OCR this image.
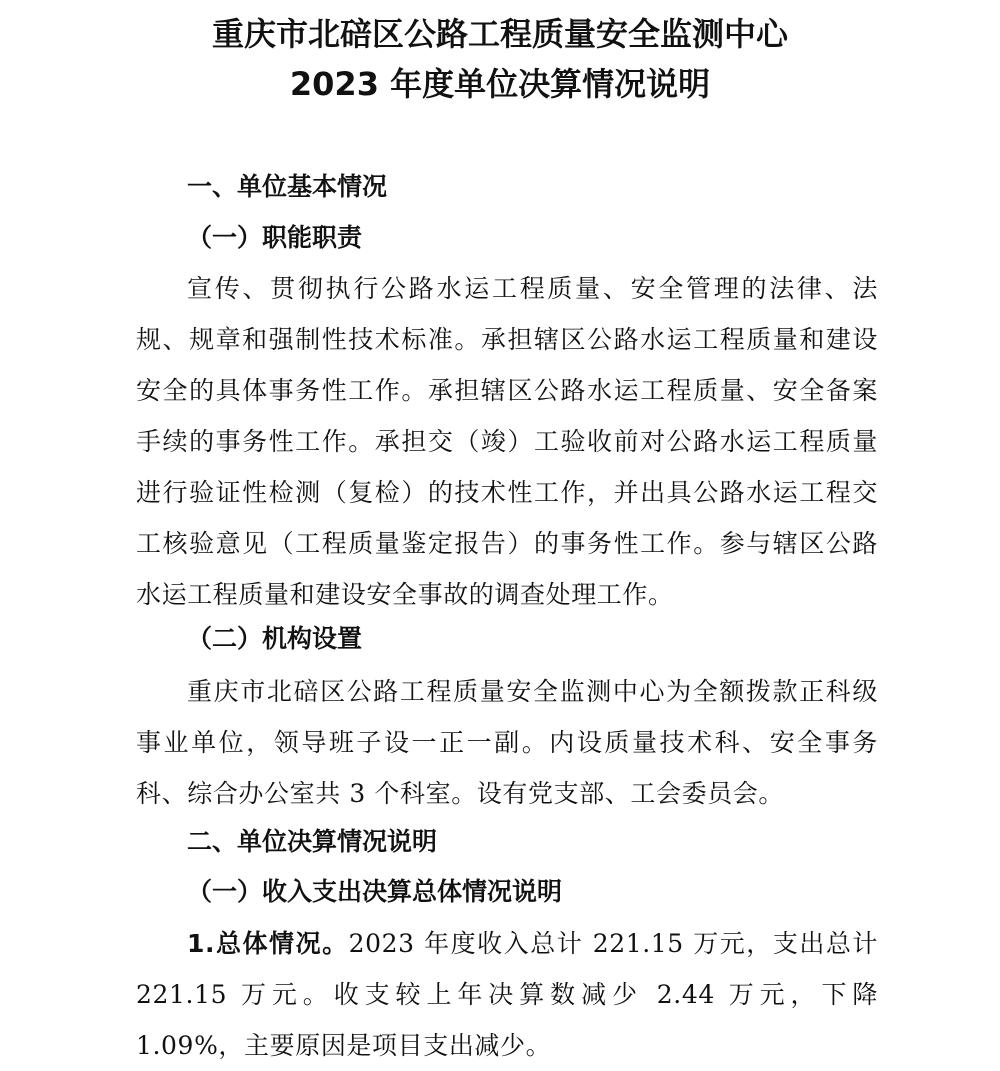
重庆市北碚区公路工程质量安全监测中心
2023 年度单位决算情况说明
一、单位基本情况
（一）职能职责

宣传、贯彻执行公路水运工程质量、安全管理的法律、法规、规章和强制性技术标准。承担辖区公路水运工程质量和建设安全的具体事务性工作。承担辖区公路水运工程质量、安全备案手续的事务性工作。承担交（竣）工验收前对公路水运工程质量进行验证性检测（复检）的技术性工作，并出具公路水运工程交工核验意见（工程质量鉴定报告）的事务性工作。参与辖区公路水运工程质量和建设安全事故的调查处理工作。

（二）机构设置

重庆市北碚区公路工程质量安全监测中心为全额拨款正科级事业单位，领导班子设一正一副。内设质量技术科、安全事务科、综合办公室共 3 个科室。设有党支部、工会委员会。

二、单位决算情况说明
（一）收入支出决算总体情况说明

1.总体情况。2023 年度收入总计 221.15 万元，支出总计 221.15 万元。收支较上年决算数减少 2.44 万元，下降 1.09%，主要原因是项目支出减少。
